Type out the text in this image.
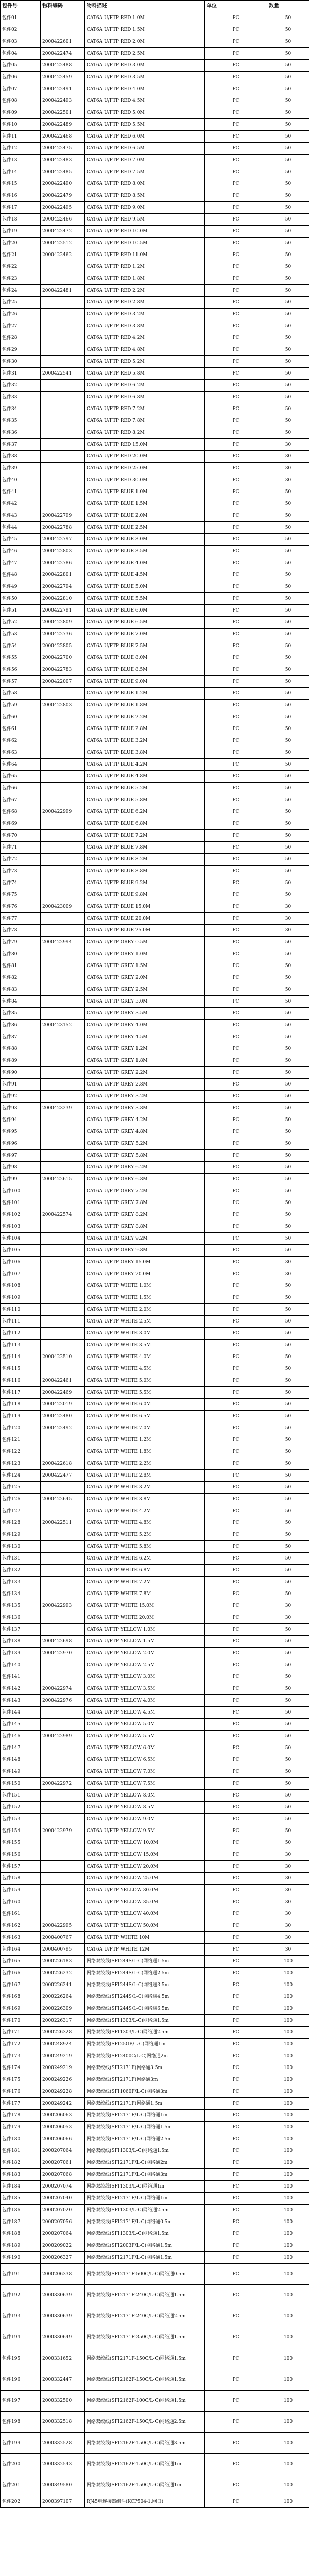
包件号	物料编码	物料描述	单位	数量
包件01		CAT6A U/FTP RED 1.0M	PC	50
包件02		CAT6A U/FTP RED 1.5M	PC	50
包件03	2000422601	CAT6A U/FTP RED 2.0M	PC	50
包件04	2000422474	CAT6A U/FTP RED 2.5M	PC	50
包件05	2000422488	CAT6A U/FTP RED 3.0M	PC	50
包件06	2000422459	CAT6A U/FTP RED 3.5M	PC	50
包件07	2000422491	CAT6A U/FTP RED 4.0M	PC	50
包件08	2000422493	CAT6A U/FTP RED 4.5M	PC	50
包件09	2000422501	CAT6A U/FTP RED 5.0M	PC	50
包件10	2000422489	CAT6A U/FTP RED 5.5M	PC	50
包件11	2000422468	CAT6A U/FTP RED 6.0M	PC	50
包件12	2000422475	CAT6A U/FTP RED 6.5M	PC	50
包件13	2000422483	CAT6A U/FTP RED 7.0M	PC	50
包件14	2000422485	CAT6A U/FTP RED 7.5M	PC	50
包件15	2000422490	CAT6A U/FTP RED 8.0M	PC	50
包件16	2000422479	CAT6A U/FTP RED 8.5M	PC	50
包件17	2000422495	CAT6A U/FTP RED 9.0M	PC	50
包件18	2000422466	CAT6A U/FTP RED 9.5M	PC	50
包件19	2000422472	CAT6A U/FTP RED 10.0M	PC	50
包件20	2000422512	CAT6A U/FTP RED 10.5M	PC	50
包件21	2000422462	CAT6A U/FTP RED 11.0M	PC	50
包件22		CAT6A U/FTP RED 1.2M	PC	50
包件23		CAT6A U/FTP RED 1.8M	PC	50
包件24	2000422481	CAT6A U/FTP RED 2.2M	PC	50
包件25		CAT6A U/FTP RED 2.8M	PC	50
包件26		CAT6A U/FTP RED 3.2M	PC	50
包件27		CAT6A U/FTP RED 3.8M	PC	50
包件28		CAT6A U/FTP RED 4.2M	PC	50
包件29		CAT6A U/FTP RED 4.8M	PC	50
包件30		CAT6A U/FTP RED 5.2M	PC	50
包件31	2000422541	CAT6A U/FTP RED 5.8M	PC	50
包件32		CAT6A U/FTP RED 6.2M	PC	50
包件33		CAT6A U/FTP RED 6.8M	PC	50
包件34		CAT6A U/FTP RED 7.2M	PC	50
包件35		CAT6A U/FTP RED 7.8M	PC	50
包件36		CAT6A U/FTP RED 8.2M	PC	50
包件37		CAT6A U/FTP RED 15.0M	PC	30
包件38		CAT6A U/FTP RED 20.0M	PC	30
包件39		CAT6A U/FTP RED 25.0M	PC	30
包件40		CAT6A U/FTP RED 30.0M	PC	30
包件41		CAT6A U/FTP BLUE 1.0M	PC	50
包件42		CAT6A U/FTP BLUE 1.5M	PC	50
包件43	2000422799	CAT6A U/FTP BLUE 2.0M	PC	50
包件44	2000422788	CAT6A U/FTP BLUE 2.5M	PC	50
包件45	2000422797	CAT6A U/FTP BLUE 3.0M	PC	50
包件46	2000422803	CAT6A U/FTP BLUE 3.5M	PC	50
包件47	2000422786	CAT6A U/FTP BLUE 4.0M	PC	50
包件48	2000422801	CAT6A U/FTP BLUE 4.5M	PC	50
包件49	2000422794	CAT6A U/FTP BLUE 5.0M	PC	50
包件50	2000422810	CAT6A U/FTP BLUE 5.5M	PC	50
包件51	2000422791	CAT6A U/FTP BLUE 6.0M	PC	50
包件52	2000422809	CAT6A U/FTP BLUE 6.5M	PC	50
包件53	2000422736	CAT6A U/FTP BLUE 7.0M	PC	50
包件54	2000422805	CAT6A U/FTP BLUE 7.5M	PC	50
包件55	2000422700	CAT6A U/FTP BLUE 8.0M	PC	50
包件56	2000422783	CAT6A U/FTP BLUE 8.5M	PC	50
包件57	2000422007	CAT6A U/FTP BLUE 9.0M	PC	50
包件58		CAT6A U/FTP BLUE 1.2M	PC	50
包件59	2000422803	CAT6A U/FTP BLUE 1.8M	PC	50
包件60		CAT6A U/FTP BLUE 2.2M	PC	50
包件61		CAT6A U/FTP BLUE 2.8M	PC	50
包件62		CAT6A U/FTP BLUE 3.2M	PC	50
包件63		CAT6A U/FTP BLUE 3.8M	PC	50
包件64		CAT6A U/FTP BLUE 4.2M	PC	50
包件65		CAT6A U/FTP BLUE 4.8M	PC	50
包件66		CAT6A U/FTP BLUE 5.2M	PC	50
包件67		CAT6A U/FTP BLUE 5.8M	PC	50
包件68	2000422999	CAT6A U/FTP BLUE 6.2M	PC	50
包件69		CAT6A U/FTP BLUE 6.8M	PC	50
包件70		CAT6A U/FTP BLUE 7.2M	PC	50
包件71		CAT6A U/FTP BLUE 7.8M	PC	50
包件72		CAT6A U/FTP BLUE 8.2M	PC	50
包件73		CAT6A U/FTP BLUE 8.8M	PC	50
包件74		CAT6A U/FTP BLUE 9.2M	PC	50
包件75		CAT6A U/FTP BLUE 9.8M	PC	50
包件76	2000423009	CAT6A U/FTP BLUE 15.0M	PC	30
包件77		CAT6A U/FTP BLUE 20.0M	PC	30
包件78		CAT6A U/FTP BLUE 25.0M	PC	30
包件79	2000422994	CAT6A U/FTP GREY 0.5M	PC	50
包件80		CAT6A U/FTP GREY 1.0M	PC	50
包件81		CAT6A U/FTP GREY 1.5M	PC	50
包件82		CAT6A U/FTP GREY 2.0M	PC	50
包件83		CAT6A U/FTP GREY 2.5M	PC	50
包件84		CAT6A U/FTP GREY 3.0M	PC	50
包件85		CAT6A U/FTP GREY 3.5M	PC	50
包件86	2000423152	CAT6A U/FTP GREY 4.0M	PC	50
包件87		CAT6A U/FTP GREY 4.5M	PC	50
包件88		CAT6A U/FTP GREY 1.2M	PC	50
包件89		CAT6A U/FTP GREY 1.8M	PC	50
包件90		CAT6A U/FTP GREY 2.2M	PC	50
包件91		CAT6A U/FTP GREY 2.8M	PC	50
包件92		CAT6A U/FTP GREY 3.2M	PC	50
包件93	2000423239	CAT6A U/FTP GREY 3.8M	PC	50
包件94		CAT6A U/FTP GREY 4.2M	PC	50
包件95		CAT6A U/FTP GREY 4.8M	PC	50
包件96		CAT6A U/FTP GREY 5.2M	PC	50
包件97		CAT6A U/FTP GREY 5.8M	PC	50
包件98		CAT6A U/FTP GREY 6.2M	PC	50
包件99	2000422615	CAT6A U/FTP GREY 6.8M	PC	50
包件100		CAT6A U/FTP GREY 7.2M	PC	50
包件101		CAT6A U/FTP GREY 7.8M	PC	50
包件102	2000422574	CAT6A U/FTP GREY 8.2M	PC	50
包件103		CAT6A U/FTP GREY 8.8M	PC	50
包件104		CAT6A U/FTP GREY 9.2M	PC	50
包件105		CAT6A U/FTP GREY 9.8M	PC	50
包件106		CAT6A U/FTP GREY 15.0M	PC	30
包件107		CAT6A U/FTP GREY 20.0M	PC	30
包件108		CAT6A U/FTP WHITE 1.0M	PC	50
包件109		CAT6A U/FTP WHITE 1.5M	PC	50
包件110		CAT6A U/FTP WHITE 2.0M	PC	50
包件111		CAT6A U/FTP WHITE 2.5M	PC	50
包件112		CAT6A U/FTP WHITE 3.0M	PC	50
包件113		CAT6A U/FTP WHITE 3.5M	PC	50
包件114	2000422510	CAT6A U/FTP WHITE 4.0M	PC	50
包件115		CAT6A U/FTP WHITE 4.5M	PC	50
包件116	2000422461	CAT6A U/FTP WHITE 5.0M	PC	50
包件117	2000422469	CAT6A U/FTP WHITE 5.5M	PC	50
包件118	2000422019	CAT6A U/FTP WHITE 6.0M	PC	50
包件119	2000422480	CAT6A U/FTP WHITE 6.5M	PC	50
包件120	2000422492	CAT6A U/FTP WHITE 7.0M	PC	50
包件121		CAT6A U/FTP WHITE 1.2M	PC	50
包件122		CAT6A U/FTP WHITE 1.8M	PC	50
包件123	2000422618	CAT6A U/FTP WHITE 2.2M	PC	50
包件124	2000422477	CAT6A U/FTP WHITE 2.8M	PC	50
包件125		CAT6A U/FTP WHITE 3.2M	PC	50
包件126	2000422645	CAT6A U/FTP WHITE 3.8M	PC	50
包件127		CAT6A U/FTP WHITE 4.2M	PC	50
包件128	2000422511	CAT6A U/FTP WHITE 4.8M	PC	50
包件129		CAT6A U/FTP WHITE 5.2M	PC	50
包件130		CAT6A U/FTP WHITE 5.8M	PC	50
包件131		CAT6A U/FTP WHITE 6.2M	PC	50
包件132		CAT6A U/FTP WHITE 6.8M	PC	50
包件133		CAT6A U/FTP WHITE 7.2M	PC	50
包件134		CAT6A U/FTP WHITE 7.8M	PC	50
包件135	2000422993	CAT6A U/FTP WHITE 15.0M	PC	30
包件136		CAT6A U/FTP WHITE 20.0M	PC	30
包件137		CAT6A U/FTP YELLOW 1.0M	PC	50
包件138	2000422698	CAT6A U/FTP YELLOW 1.5M	PC	50
包件139	2000422970	CAT6A U/FTP YELLOW 2.0M	PC	50
包件140		CAT6A U/FTP YELLOW 2.5M	PC	50
包件141		CAT6A U/FTP YELLOW 3.0M	PC	50
包件142	2000422974	CAT6A U/FTP YELLOW 3.5M	PC	50
包件143	2000422976	CAT6A U/FTP YELLOW 4.0M	PC	50
包件144		CAT6A U/FTP YELLOW 4.5M	PC	50
包件145		CAT6A U/FTP YELLOW 5.0M	PC	50
包件146	2000422989	CAT6A U/FTP YELLOW 5.5M	PC	50
包件147		CAT6A U/FTP YELLOW 6.0M	PC	50
包件148		CAT6A U/FTP YELLOW 6.5M	PC	50
包件149		CAT6A U/FTP YELLOW 7.0M	PC	50
包件150	2000422972	CAT6A U/FTP YELLOW 7.5M	PC	50
包件151		CAT6A U/FTP YELLOW 8.0M	PC	50
包件152		CAT6A U/FTP YELLOW 8.5M	PC	50
包件153		CAT6A U/FTP YELLOW 9.0M	PC	50
包件154	2000422979	CAT6A U/FTP YELLOW 9.5M	PC	50
包件155		CAT6A U/FTP YELLOW 10.0M	PC	50
包件156		CAT6A U/FTP YELLOW 15.0M	PC	30
包件157		CAT6A U/FTP YELLOW 20.0M	PC	30
包件158		CAT6A U/FTP YELLOW 25.0M	PC	30
包件159		CAT6A U/FTP YELLOW 30.0M	PC	30
包件160		CAT6A U/FTP YELLOW 35.0M	PC	30
包件161		CAT6A U/FTP YELLOW 40.0M	PC	30
包件162	2000422995	CAT6A U/FTP YELLOW 50.0M	PC	30
包件163	2000400767	CAT6A U/FTP WHITE 10M	PC	30
包件164	2000400795	CAT6A U/FTP WHITE 12M	PC	30
包件165	2000226183	网络双绞线(SFI244S/L-C)网络通1.5m	PC	100
包件166	2000226232	网络双绞线(SFI244S/L-C)网络通2.5m	PC	100
包件167	2000226241	网络双绞线(SFI244S/L-C)网络通3.5m	PC	100
包件168	2000226264	网络双绞线(SFI244S/L-C)网络通4.5m	PC	100
包件169	2000226309	网络双绞线(SFI244S/L-C)网络通6.5m	PC	100
包件170	2000226317	网络双绞线(SFI1303/L-C)网络通1.5m	PC	100
包件171	2000226328	网络双绞线(SFI1303/L-C)网络通2.5m	PC	100
包件172	2000248924	网络双绞线(SFI25GB/L-C)网络通1m	PC	100
包件173	2000249219	网络双绞线(SFI2400C/L-C)网络通2m	PC	100
包件174	2000249219	网络双绞线(SFI2171F)网络通3.5m	PC	100
包件175	2000249226	网络双绞线(SFI2171F)网络通3m	PC	100
包件176	2000249228	网络双绞线(SFI1060F/L-C)网络通3m	PC	100
包件177	2000249242	网络双绞线(SFI2171F)网络通1.5m	PC	100
包件178	2000206063	网络双绞线(SFI2171F/L-C)网络通1m	PC	100
包件179	2000206053	网络双绞线(SFI2171F/L-C)网络通1.5m	PC	100
包件180	2000206066	网络双绞线(SFI2171F/L-C)网络通2.5m	PC	100
包件181	2000207064	网络双绞线(SFI1303/L-C)网络通1.5m	PC	100
包件182	2000207061	网络双绞线(SFI2171F/L-C)网络通2m	PC	100
包件183	2000207068	网络双绞线(SFI2171F/L-C)网络通3m	PC	100
包件184	2000207074	网络双绞线(SFI1303/L-C)网络通1m	PC	100
包件185	2000207040	网络双绞线(SFI2171F/L-C)网络通1m	PC	100
包件186	2000207020	网络双绞线(SFI1303/L-C)网络通2.5m	PC	100
包件187	2000207056	网络双绞线(SFI2171F/L-C)网络通0.5m	PC	100
包件188	2000207064	网络双绞线(SFI1303/L-C)网络通1.5m	PC	100
包件189	2000209022	网络双绞线(SFI2003F/L-C)网络通1.5m	PC	100
包件190	2000206327	网络双绞线(SFI2171F/L-C)网络通1.5m	PC	100
包件191	2000206338	网络双绞线(SFI2171F-500C/L-C)网络通0.5m	PC	100
包件192	2000330639	网络双绞线(SFI2171F-240C/L-C)网络通1.5m	PC	100
包件193	2000330639	网络双绞线(SFI2171F-240C/L-C)网络通2.5m	PC	100
包件194	2000330649	网络双绞线(SFI2171F-350C/L-C)网络通1.5m	PC	100
包件195	2000331652	网络双绞线(SFI2171F-150C/L-C)网络通1.5m	PC	100
包件196	2000332447	网络双绞线(SFI2162F-150C/L-C)网络通1.5m	PC	100
包件197	2000332500	网络双绞线(SFI2162F-100C/L-C)网络通1.5m	PC	100
包件198	2000332518	网络双绞线(SFI2162F-150C/L-C)网络通2.5m	PC	100
包件199	2000332528	网络双绞线(SFI2162F-150C/L-C)网络通3.5m	PC	100
包件200	2000332543	网络双绞线(SFI2162F-150C/L-C)网络通1m	PC	100
包件201	2000349580	网络双绞线(SFI2162F-150C/L-C)网络通1m	PC	100
包件202	2000397107	RJ45电连接器组件(KCP504-1,网口)	PC	100
